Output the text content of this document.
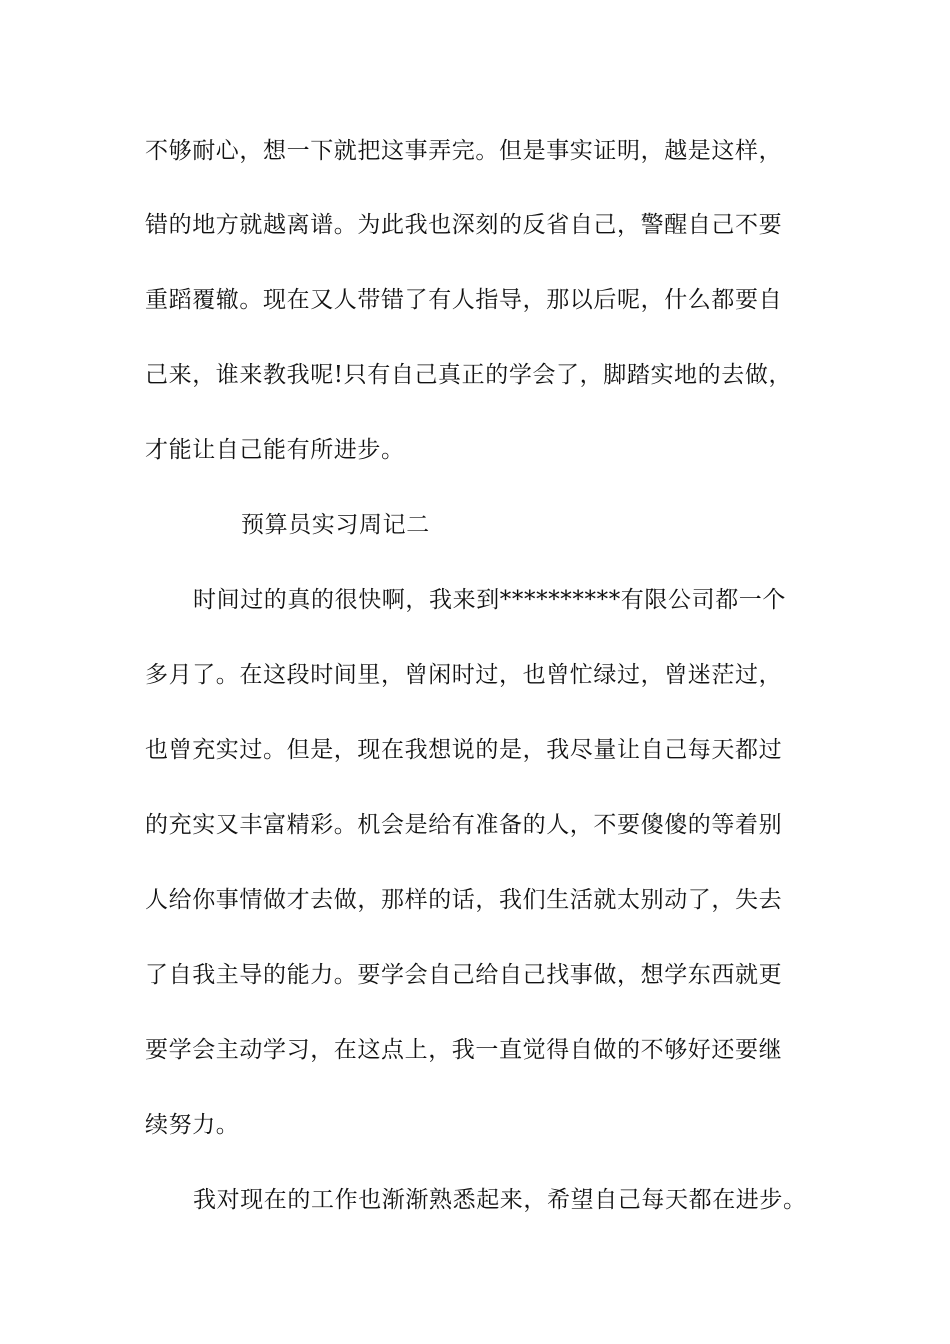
不够耐心，想一下就把这事弄完。但是事实证明，越是这样，
错的地方就越离谱。为此我也深刻的反省自己，警醒自己不要
重蹈覆辙。现在又人带错了有人指导，那以后呢，什么都要自
己来，谁来教我呢!只有自己真正的学会了，脚踏实地的去做，
才能让自己能有所进步。
预算员实习周记二
时间过的真的很快啊，我来到**********有限公司都一个
多月了。在这段时间里，曾闲时过，也曾忙绿过，曾迷茫过，
也曾充实过。但是，现在我想说的是，我尽量让自己每天都过
的充实又丰富精彩。机会是给有准备的人，不要傻傻的等着别
人给你事情做才去做，那样的话，我们生活就太别动了，失去
了自我主导的能力。要学会自己给自己找事做，想学东西就更
要学会主动学习，在这点上，我一直觉得自做的不够好还要继
续努力。
我对现在的工作也渐渐熟悉起来，希望自己每天都在进步。
